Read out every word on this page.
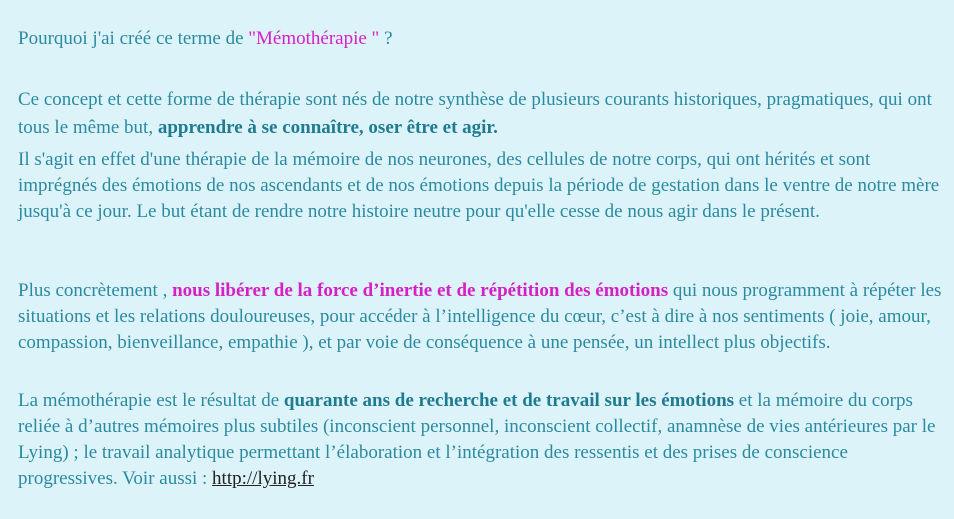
Pourquoi j'ai créé ce terme de "Mémothérapie " ?
Ce concept et cette forme de thérapie sont nés de notre synthèse de plusieurs courants historiques, pragmatiques, qui ont tous le même but, apprendre à se connaître, oser être et agir.
Il s'agit en effet d'une thérapie de la mémoire de nos neurones, des cellules de notre corps, qui ont hérités et sont imprégnés des émotions de nos ascendants et de nos émotions depuis la période de gestation dans le ventre de notre mère jusqu'à ce jour. Le but étant de rendre notre histoire neutre pour qu'elle cesse de nous agir dans le présent.
Plus concrètement , nous libérer de la force d’inertie et de répétition des émotions qui nous programment à répéter les situations et les relations douloureuses, pour accéder à l’intelligence du cœur, c’est à dire à nos sentiments ( joie, amour, compassion, bienveillance, empathie ), et par voie de conséquence à une pensée, un intellect plus objectifs.
La mémothérapie est le résultat de quarante ans de recherche et de travail sur les émotions et la mémoire du corps reliée à d’autres mémoires plus subtiles (inconscient personnel, inconscient collectif, anamnèse de vies antérieures par le Lying) ; le travail analytique permettant l’élaboration et l’intégration des ressentis et des prises de conscience progressives. Voir aussi : http://lying.fr
